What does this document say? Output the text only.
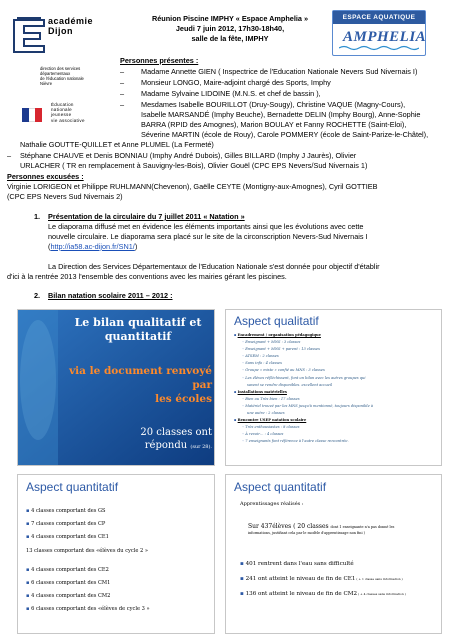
académie
Dijon
direction des services
départementaux
de l'éducation nationale
Nièvre
Éducation
nationale
jeunesse
vie associative
Réunion Piscine IMPHY « Espace Amphelia »
Jeudi 7 juin 2012, 17h30-18h40,
salle de la fête, IMPHY
ESPACE AQUATIQUE
AMPHELIA
Personnes présentes :
– Madame Annette GIEN ( Inspectrice de l'Education Nationale Nevers Sud Nivernais I)
– Monsieur LONGO, Maire-adjoint chargé des Sports, Imphy
– Madame Sylvaine LIDOINE (M.N.S. et chef de bassin ),
– Mesdames Isabelle BOURILLOT (Druy-Sougy), Christine VAQUE (Magny-Cours),
Isabelle MARSANDÉ (Imphy Beuche), Bernadette DELIN (Imphy Bourg), Anne-Sophie
BARRA (RPID des Amognes), Marion BOULAY et Fanny ROCHETTE (Saint-Eloi),
Séverine MARTIN (école de Rouy), Carole POMMERY (école de Saint-Parize-le-Châtel),
Nathalie GOUTTE-QUILLET et Anne PLUMEL (La Fermeté)
– Stéphane CHAUVE et Denis BONNIAU (Imphy André Dubois), Gilles BILLARD (Imphy J Jaurès), Olivier
URLACHER ( TR en remplacement à Sauvigny-les-Bois), Olivier Gouël (CPC EPS Nevers/Sud Nivernais 1)
Personnes excusées :
Virginie LORIGEON et Philippe RUHLMANN(Chevenon), Gaëlle CEYTE (Montigny-aux-Amognes), Cyril GOTTIEB
(CPC EPS Nevers Sud Nivernais 2)
1. Présentation de la circulaire du 7 juillet 2011 « Natation »
Le diaporama diffusé met en évidence les éléments importants ainsi que les évolutions avec cette
nouvelle circulaire. Le diaporama sera placé sur le site de la circonscription Nevers-Sud Nivernais I
(http://ia58.ac-dijon.fr/SN1/)
La Direction des Services Départementaux de l'Education Nationale s'est donnée pour objectif d'établir
d'ici à la rentrée 2013 l'ensemble des conventions avec les mairies gérant les piscines.
2. Bilan natation scolaire 2011 – 2012 :
Le bilan qualitatif et
quantitatif
via le document renvoyé par
les écoles
20 classes ont
répondu (sur 28).
Aspect qualitatif
▪ Encadrement / organisation pédagogique
◦ Enseignant + MNS : 3 classes
◦ Enseignant + MNS + parent : 13 classes
◦ ATSEM : 2 classes
◦ Sans info : 4 classes
◦ Groupe « mixte » confié au MNS : 3 classes
◦ Les élèves réfléchissent, font un bilan avec les autres groupes qui
savent se rendre disponibles. excellent accueil
▪ Installations matérielles
◦ Bien ou Très bien : 17 classes
◦ Matériel trouvé par les MNS jusqu'à mentionné, toujours disponible à
une autre : 2 classes
▪ Rencontre USEP natation scolaire
◦ Très enthousiastes : 8 classes
◦ À revoir… : 4 classes
◦ 7 enseignants font référence à l'autre classe rencontrée.
Aspect quantitatif
▪ 4 classes comportant des GS
▪ 7 classes comportant des CP
▪ 4 classes comportant des CE1
13 classes comportant des «élèves du cycle 2 »
▪ 4 classes comportant des CE2
▪ 6 classes comportant des CM1
▪ 4 classes comportant des CM2
▪ 6 classes comportant des «élèves de cycle 3 »
Aspect quantitatif
Apprentissages réalisés :
Sur 437élèves ( 20 classes dont 1 enseignante n'a pas donné les
informations, justifiant cela par le modèle d'apprentissage non fini )
▪ 401 rentrent dans l'eau sans difficulté
▪ 241 ont atteint le niveau de fin de CE1 ( + 1 classe sans information )
▪ 136 ont atteint le niveau de fin de CM2 ( + 4 classes sans information )
